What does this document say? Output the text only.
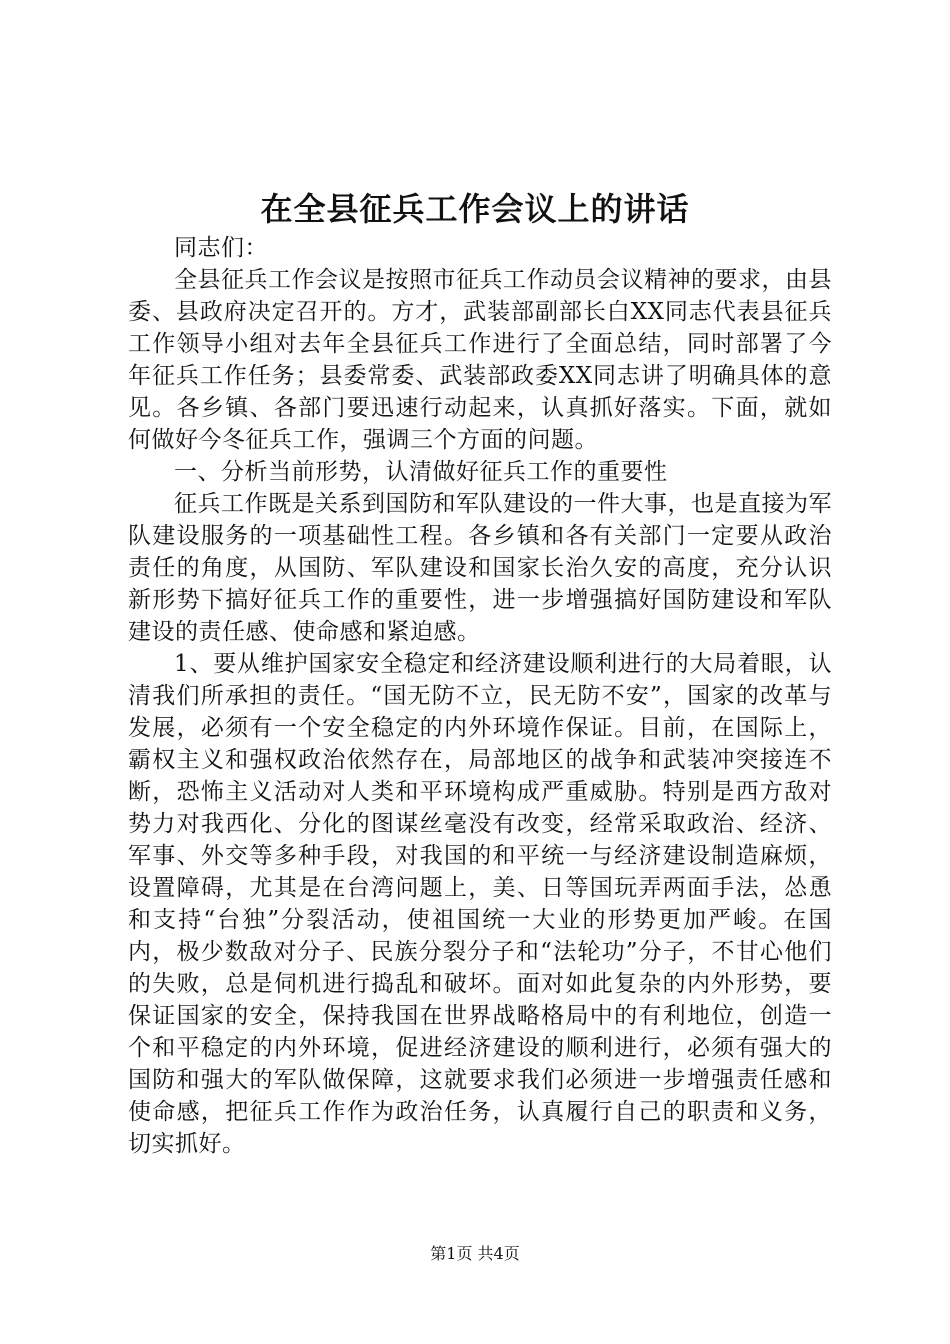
在全县征兵工作会议上的讲话

同志们：

全县征兵工作会议是按照市征兵工作动员会议精神的要求，由县委、县政府决定召开的。方才，武装部副部长白XX同志代表县征兵工作领导小组对去年全县征兵工作进行了全面总结，同时部署了今年征兵工作任务；县委常委、武装部政委XX同志讲了明确具体的意见。各乡镇、各部门要迅速行动起来，认真抓好落实。下面，就如何做好今冬征兵工作，强调三个方面的问题。

一、分析当前形势，认清做好征兵工作的重要性

征兵工作既是关系到国防和军队建设的一件大事，也是直接为军队建设服务的一项基础性工程。各乡镇和各有关部门一定要从政治责任的角度，从国防、军队建设和国家长治久安的高度，充分认识新形势下搞好征兵工作的重要性，进一步增强搞好国防建设和军队建设的责任感、使命感和紧迫感。

1、要从维护国家安全稳定和经济建设顺利进行的大局着眼，认清我们所承担的责任。“国无防不立，民无防不安”，国家的改革与发展，必须有一个安全稳定的内外环境作保证。目前，在国际上，霸权主义和强权政治依然存在，局部地区的战争和武装冲突接连不断，恐怖主义活动对人类和平环境构成严重威胁。特别是西方敌对势力对我西化、分化的图谋丝毫没有改变，经常采取政治、经济、军事、外交等多种手段，对我国的和平统一与经济建设制造麻烦，设置障碍，尤其是在台湾问题上，美、日等国玩弄两面手法，怂恿和支持“台独”分裂活动，使祖国统一大业的形势更加严峻。在国内，极少数敌对分子、民族分裂分子和“法轮功”分子，不甘心他们的失败，总是伺机进行捣乱和破坏。面对如此复杂的内外形势，要保证国家的安全，保持我国在世界战略格局中的有利地位，创造一个和平稳定的内外环境，促进经济建设的顺利进行，必须有强大的国防和强大的军队做保障，这就要求我们必须进一步增强责任感和使命感，把征兵工作作为政治任务，认真履行自己的职责和义务，切实抓好。

第1页 共4页
